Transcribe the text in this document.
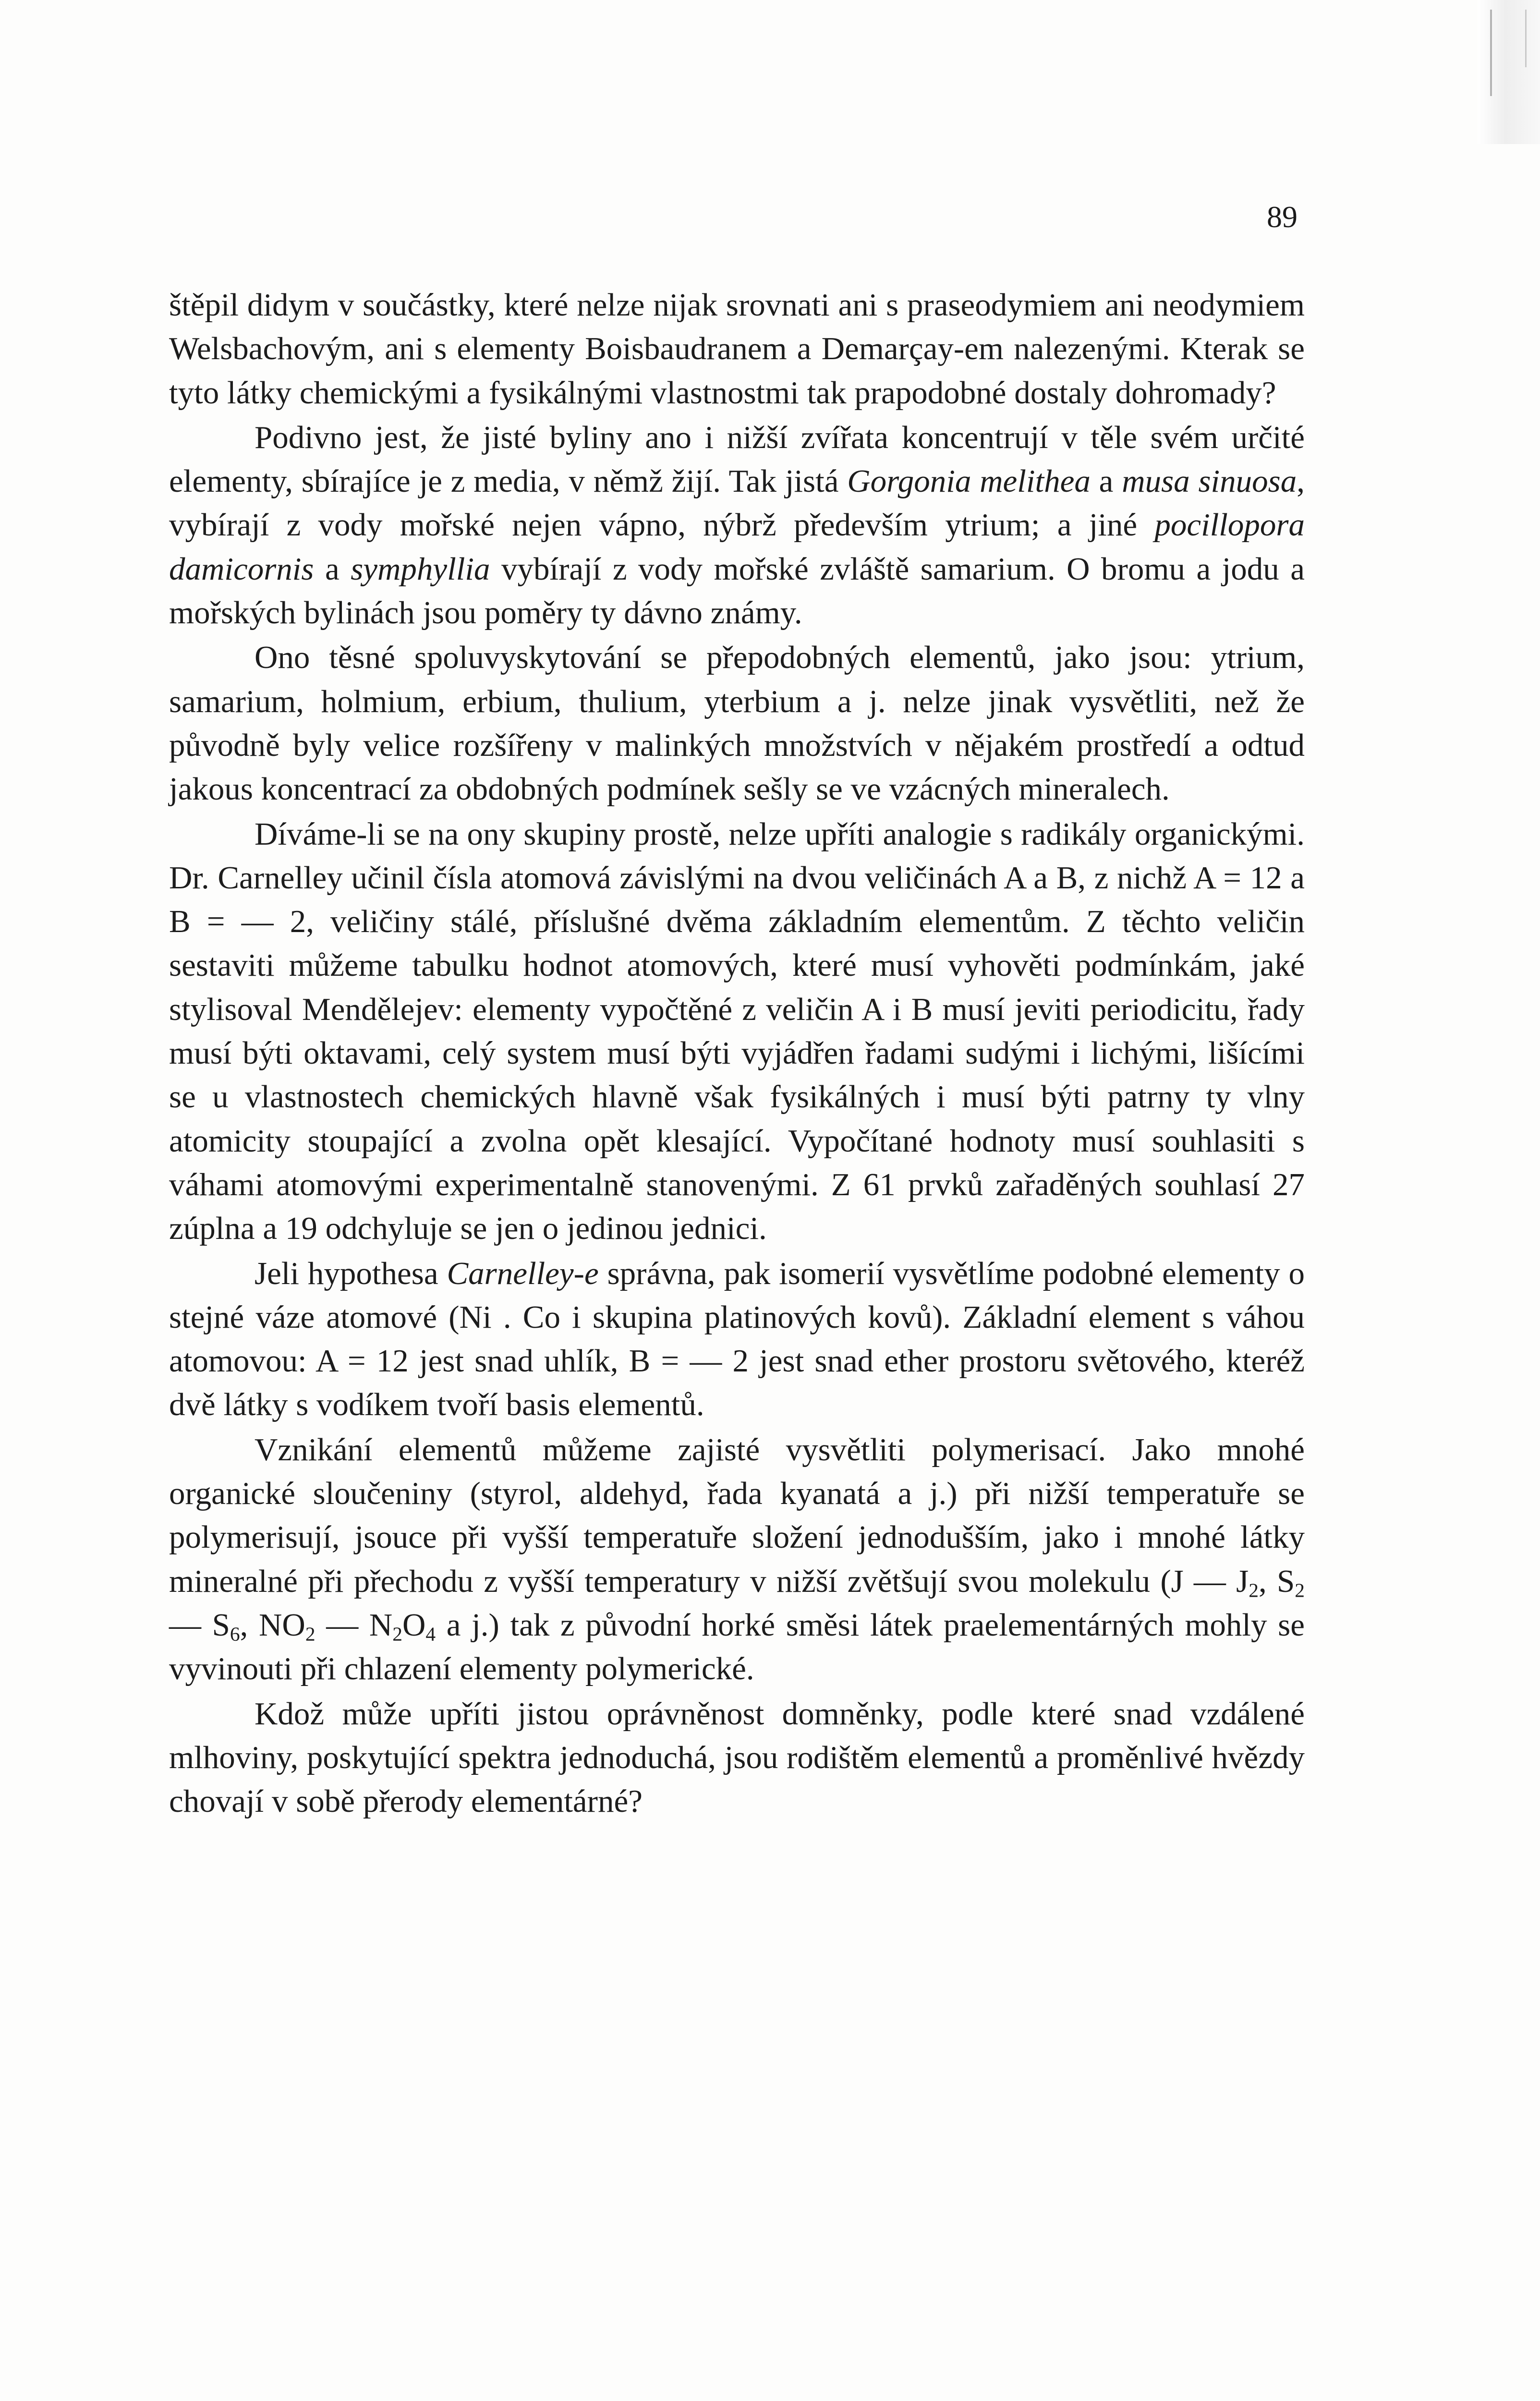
89

štěpil didym v součástky, které nelze nijak srovnati ani s praseodymiem ani neodymiem Welsbachovým, ani s elementy Boisbaudranem a Demarçay-em nalezenými. Kterak se tyto látky chemickými a fysikálnými vlastnostmi tak prapodobné dostaly dohromady?

Podivno jest, že jisté byliny ano i nižší zvířata koncentrují v těle svém určité elementy, sbírajíce je z media, v němž žijí. Tak jistá Gorgonia melithea a musa sinuosa, vybírají z vody mořské nejen vápno, nýbrž především ytrium; a jiné pocillopora damicornis a symphyllia vybírají z vody mořské zvláště samarium. O bromu a jodu a mořských bylinách jsou poměry ty dávno známy.

Ono těsné spoluvyskytování se přepodobných elementů, jako jsou: ytrium, samarium, holmium, erbium, thulium, yterbium a j. nelze jinak vysvětliti, než že původně byly velice rozšířeny v malinkých množstvích v nějakém prostředí a odtud jakous koncentrací za obdobných podmínek sešly se ve vzácných mineralech.

Díváme-li se na ony skupiny prostě, nelze upříti analogie s radikály organickými. Dr. Carnelley učinil čísla atomová závislými na dvou veličinách A a B, z nichž A = 12 a B = — 2, veličiny stálé, příslušné dvěma základním elementům. Z těchto veličin sestaviti můžeme tabulku hodnot atomových, které musí vyhověti podmínkám, jaké stylisoval Mendělejev: elementy vypočtěné z veličin A i B musí jeviti periodicitu, řady musí býti oktavami, celý system musí býti vyjádřen řadami sudými i lichými, lišícími se u vlastnostech chemických hlavně však fysikálných i musí býti patrny ty vlny atomicity stoupající a zvolna opět klesající. Vypočítané hodnoty musí souhlasiti s váhami atomovými experimentalně stanovenými. Z 61 prvků zařaděných souhlasí 27 zúplna a 19 odchyluje se jen o jedinou jednici.

Jeli hypothesa Carnelley-e správna, pak isomerií vysvětlíme podobné elementy o stejné váze atomové (Ni . Co i skupina platinových kovů). Základní element s váhou atomovou: A = 12 jest snad uhlík, B = — 2 jest snad ether prostoru světového, kteréž dvě látky s vodíkem tvoří basis elementů.

Vznikání elementů můžeme zajisté vysvětliti polymerisací. Jako mnohé organické sloučeniny (styrol, aldehyd, řada kyanatá a j.) při nižší temperatuře se polymerisují, jsouce při vyšší temperatuře složení jednodušším, jako i mnohé látky mineralné při přechodu z vyšší temperatury v nižší zvětšují svou molekulu (J — $J_2$, $S_2$ — $S_6$, $NO_2$ — $N_2O_4$ a j.) tak z původní horké směsi látek praelementárných mohly se vyvinouti při chlazení elementy polymerické.

Kdož může upříti jistou oprávněnost domněnky, podle které snad vzdálené mlhoviny, poskytující spektra jednoduchá, jsou rodištěm elementů a proměnlivé hvězdy chovají v sobě přerody elementárné?
